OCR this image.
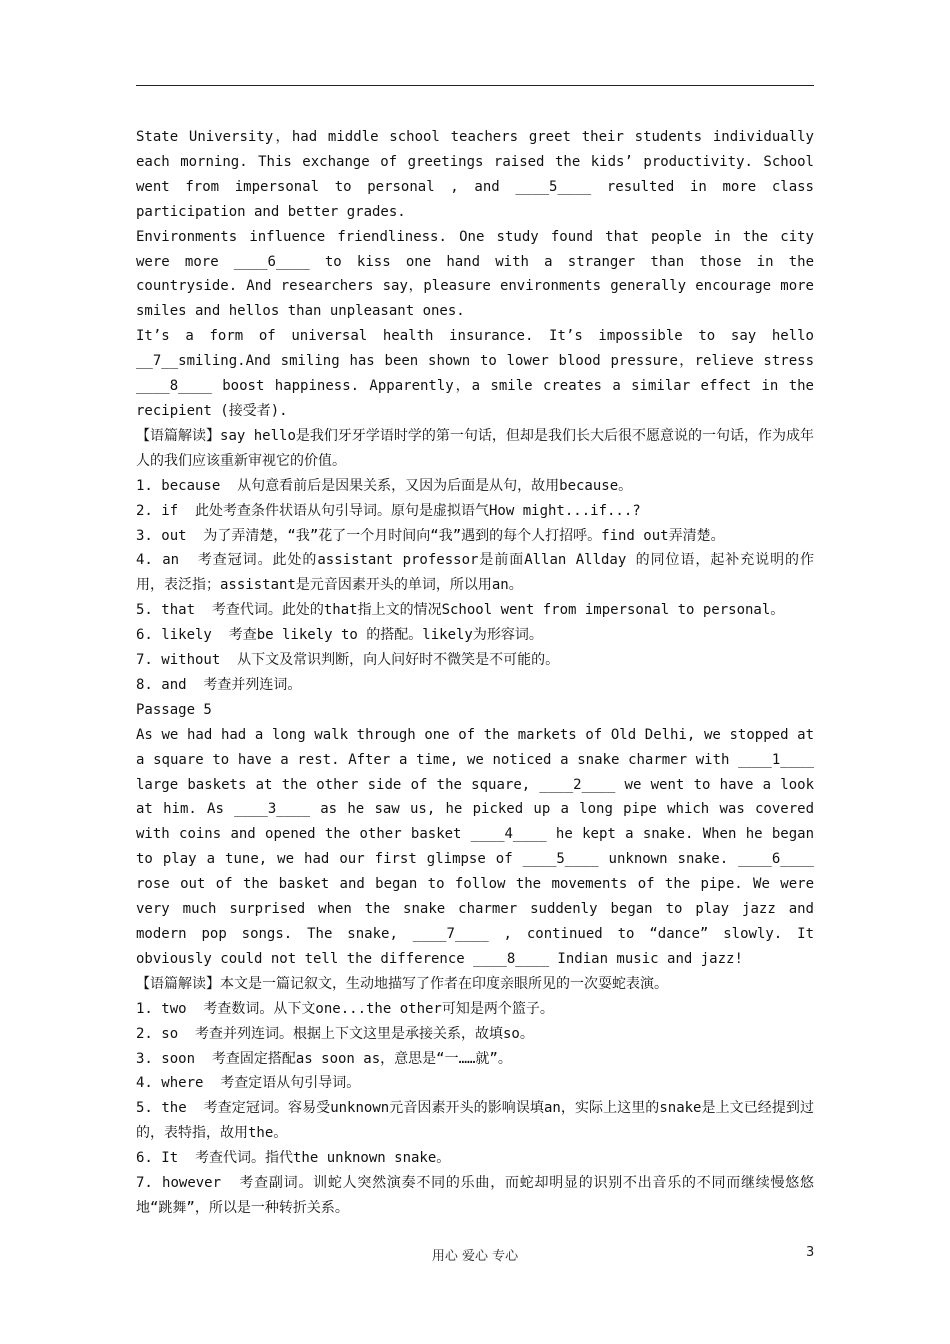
State University，had middle school teachers greet their students individually each morning. This exchange of greetings raised the kids’ productivity. School went from impersonal to personal , and ____5____ resulted in more class participation and better grades.

Environments influence friendliness. One study found that people in the city were more ____6____ to kiss one hand with a stranger than those in the countryside. And researchers say，pleasure environments generally encourage more smiles and hellos than unpleasant ones.

It’s a form of universal health insurance. It’s impossible to say hello __7__smiling.And smiling has been shown to lower blood pressure，relieve stress ____8____ boost happiness. Apparently，a smile creates a similar effect in the recipient (接受者).

【语篇解读】say hello是我们牙牙学语时学的第一句话，但却是我们长大后很不愿意说的一句话，作为成年人的我们应该重新审视它的价值。

1. because  从句意看前后是因果关系，又因为后面是从句，故用because。

2. if  此处考查条件状语从句引导词。原句是虚拟语气How might...if...?

3. out  为了弄清楚，“我”花了一个月时间向“我”遇到的每个人打招呼。find out弄清楚。

4. an  考查冠词。此处的assistant professor是前面Allan Allday 的同位语，起补充说明的作用，表泛指；assistant是元音因素开头的单词，所以用an。

5. that  考查代词。此处的that指上文的情况School went from impersonal to personal。

6. likely  考查be likely to 的搭配。likely为形容词。

7. without  从下文及常识判断，向人问好时不微笑是不可能的。

8. and  考查并列连词。

Passage 5

As we had had a long walk through one of the markets of Old Delhi, we stopped at a square to have a rest. After a time, we noticed a snake charmer with ____1____ large baskets at the other side of the square, ____2____ we went to have a look at him. As ____3____ as he saw us, he picked up a long pipe which was covered with coins and opened the other basket ____4____ he kept a snake. When he began to play a tune, we had our first glimpse of ____5____ unknown snake. ____6____ rose out of the basket and began to follow the movements of the pipe. We were very much surprised when the snake charmer suddenly began to play jazz and modern pop songs. The snake, ____7____ , continued to “dance” slowly. It obviously could not tell the difference ____8____ Indian music and jazz!

【语篇解读】本文是一篇记叙文，生动地描写了作者在印度亲眼所见的一次耍蛇表演。

1. two  考查数词。从下文one...the other可知是两个篮子。

2. so  考查并列连词。根据上下文这里是承接关系，故填so。

3. soon  考查固定搭配as soon as，意思是“一……就”。

4. where  考查定语从句引导词。

5. the  考查定冠词。容易受unknown元音因素开头的影响误填an，实际上这里的snake是上文已经提到过的，表特指，故用the。

6. It  考查代词。指代the unknown snake。

7. however  考查副词。训蛇人突然演奏不同的乐曲，而蛇却明显的识别不出音乐的不同而继续慢悠悠地“跳舞”，所以是一种转折关系。

用心 爱心 专心	3
